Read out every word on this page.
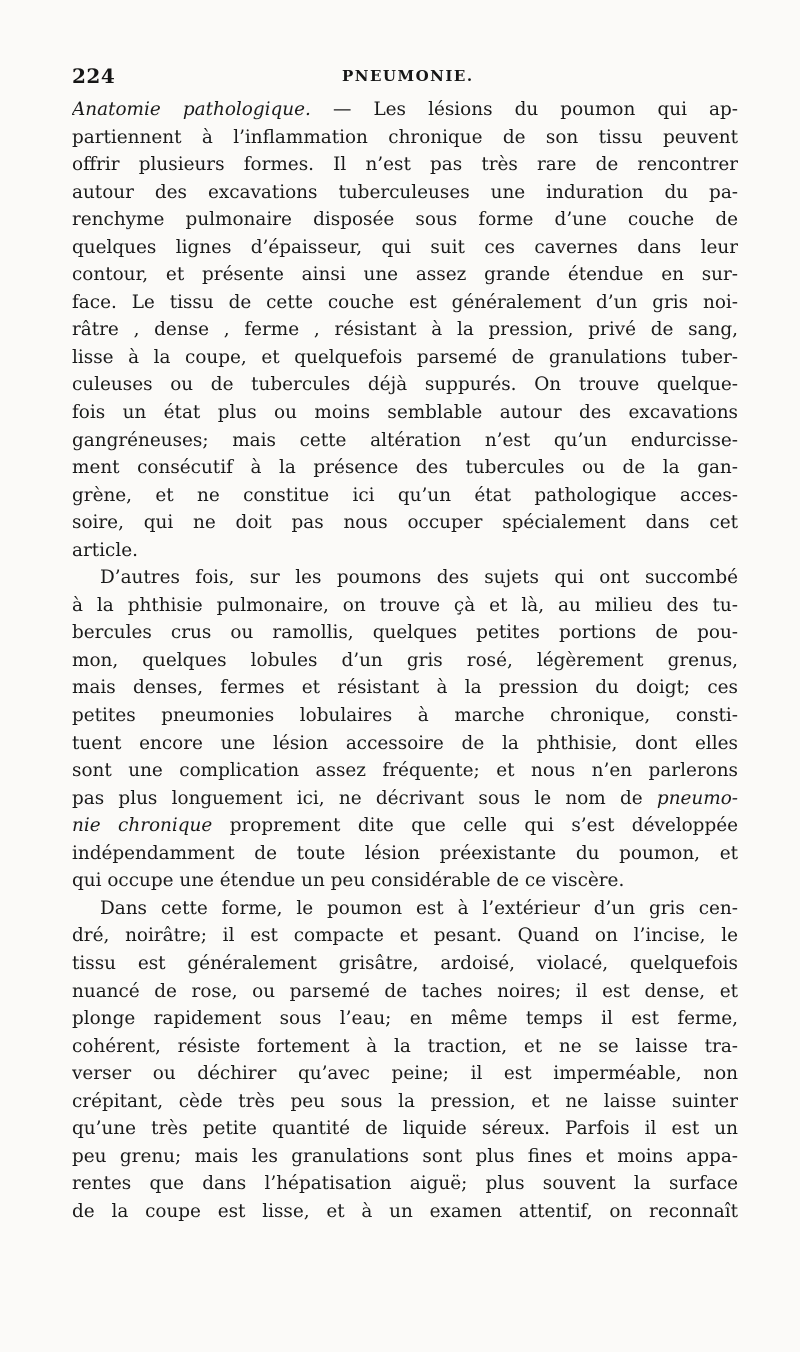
224	PNEUMONIE.
Anatomie pathologique. — Les lésions du poumon qui ap-
partiennent à l’inflammation chronique de son tissu peuvent
offrir plusieurs formes. Il n’est pas très rare de rencontrer
autour des excavations tuberculeuses une induration du pa-
renchyme pulmonaire disposée sous forme d’une couche de
quelques lignes d’épaisseur, qui suit ces cavernes dans leur
contour, et présente ainsi une assez grande étendue en sur-
face. Le tissu de cette couche est généralement d’un gris noi-
râtre , dense , ferme , résistant à la pression, privé de sang,
lisse à la coupe, et quelquefois parsemé de granulations tuber-
culeuses ou de tubercules déjà suppurés. On trouve quelque-
fois un état plus ou moins semblable autour des excavations
gangréneuses; mais cette altération n’est qu’un endurcisse-
ment consécutif à la présence des tubercules ou de la gan-
grène, et ne constitue ici qu’un état pathologique acces-
soire, qui ne doit pas nous occuper spécialement dans cet
article.
D’autres fois, sur les poumons des sujets qui ont succombé
à la phthisie pulmonaire, on trouve çà et là, au milieu des tu-
bercules crus ou ramollis, quelques petites portions de pou-
mon, quelques lobules d’un gris rosé, légèrement grenus,
mais denses, fermes et résistant à la pression du doigt; ces
petites pneumonies lobulaires à marche chronique, consti-
tuent encore une lésion accessoire de la phthisie, dont elles
sont une complication assez fréquente; et nous n’en parlerons
pas plus longuement ici, ne décrivant sous le nom de pneumo-
nie chronique proprement dite que celle qui s’est développée
indépendamment de toute lésion préexistante du poumon, et
qui occupe une étendue un peu considérable de ce viscère.
Dans cette forme, le poumon est à l’extérieur d’un gris cen-
dré, noirâtre; il est compacte et pesant. Quand on l’incise, le
tissu est généralement grisâtre, ardoisé, violacé, quelquefois
nuancé de rose, ou parsemé de taches noires; il est dense, et
plonge rapidement sous l’eau; en même temps il est ferme,
cohérent, résiste fortement à la traction, et ne se laisse tra-
verser ou déchirer qu’avec peine; il est imperméable, non
crépitant, cède très peu sous la pression, et ne laisse suinter
qu’une très petite quantité de liquide séreux. Parfois il est un
peu grenu; mais les granulations sont plus fines et moins appa-
rentes que dans l’hépatisation aiguë; plus souvent la surface
de la coupe est lisse, et à un examen attentif, on reconnaît
